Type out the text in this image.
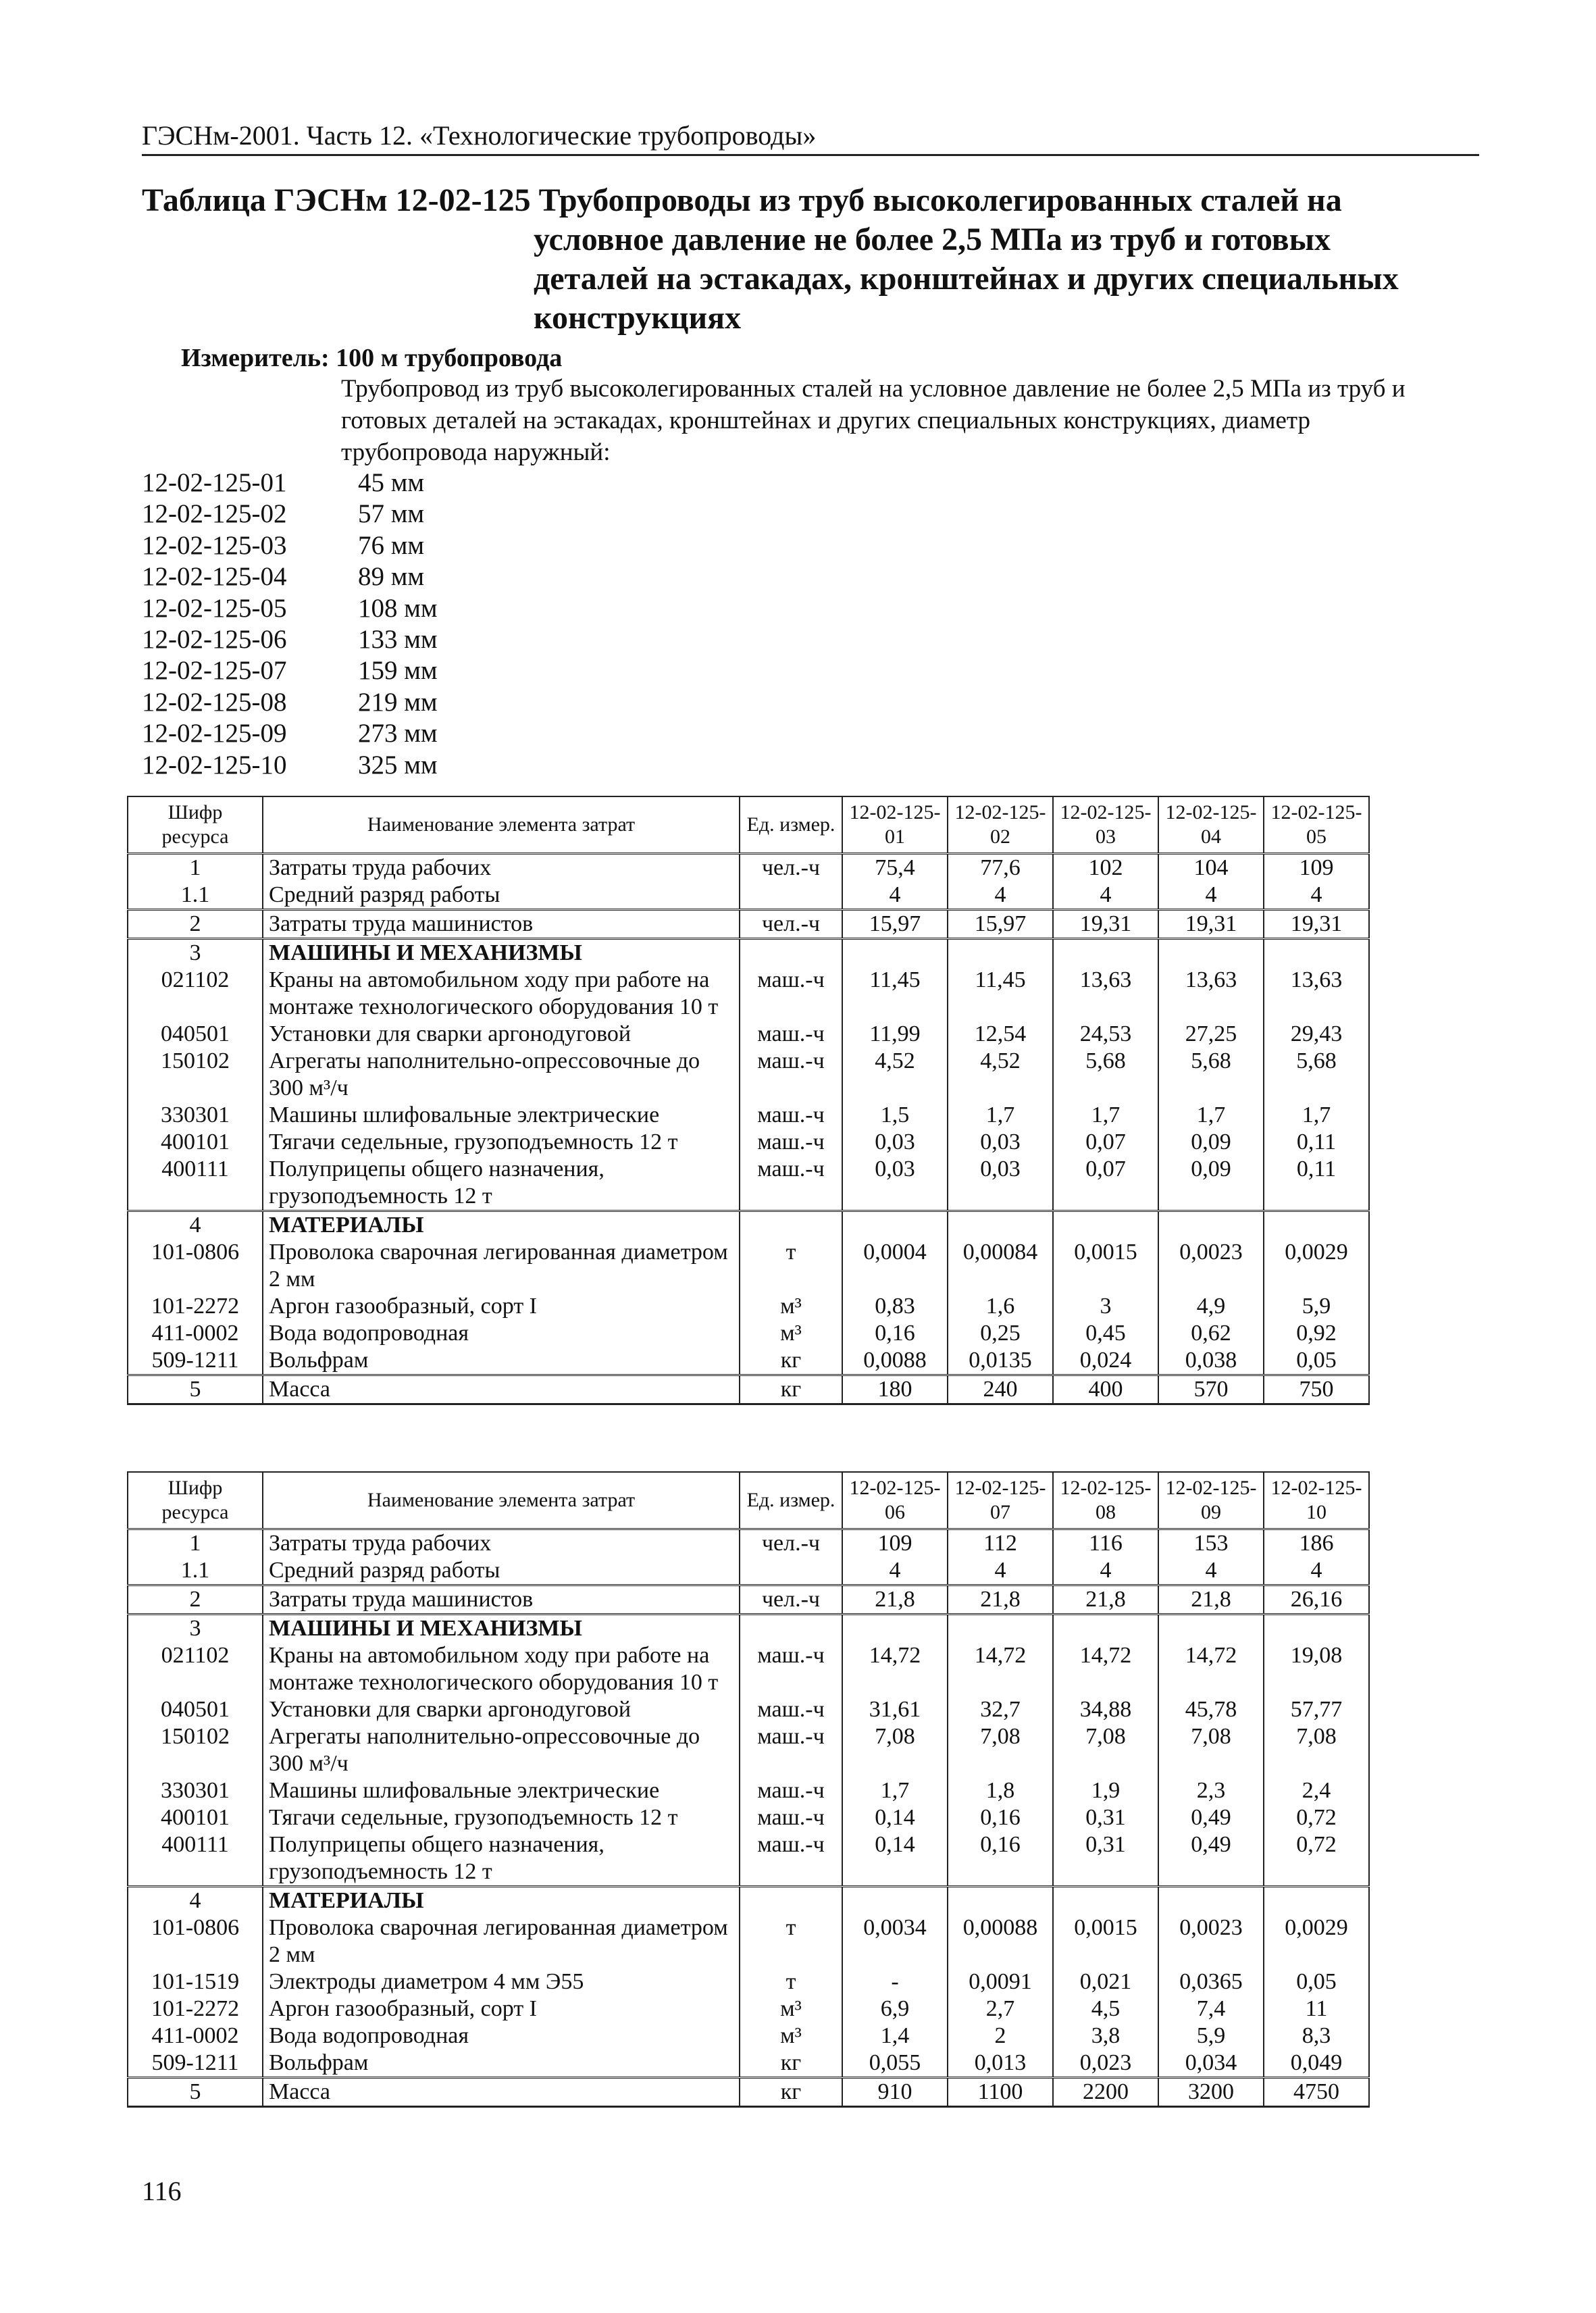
ГЭСНм-2001. Часть 12. «Технологические трубопроводы»
Таблица ГЭСНм 12-02-125 Трубопроводы из труб высоколегированных сталей на
условное давление не более 2,5 МПа из труб и готовых
деталей на эстакадах, кронштейнах и других специальных
конструкциях
Измеритель: 100 м трубопровода
Трубопровод из труб высоколегированных сталей на условное давление не более 2,5 МПа из труб и готовых деталей на эстакадах, кронштейнах и других специальных конструкциях, диаметр трубопровода наружный:
12-02-125-01	45 мм
12-02-125-02	57 мм
12-02-125-03	76 мм
12-02-125-04	89 мм
12-02-125-05	108 мм
12-02-125-06	133 мм
12-02-125-07	159 мм
12-02-125-08	219 мм
12-02-125-09	273 мм
12-02-125-10	325 мм
Шифр ресурса	Наименование элемента затрат	Ед. измер.	12-02-125-01	12-02-125-02	12-02-125-03	12-02-125-04	12-02-125-05
1	Затраты труда рабочих	чел.-ч	75,4	77,6	102	104	109
1.1	Средний разряд работы		4	4	4	4	4
2	Затраты труда машинистов	чел.-ч	15,97	15,97	19,31	19,31	19,31
3	МАШИНЫ И МЕХАНИЗМЫ						
021102	Краны на автомобильном ходу при работе на монтаже технологического оборудования 10 т	маш.-ч	11,45	11,45	13,63	13,63	13,63
040501	Установки для сварки аргонодуговой	маш.-ч	11,99	12,54	24,53	27,25	29,43
150102	Агрегаты наполнительно-опрессовочные до 300 м³/ч	маш.-ч	4,52	4,52	5,68	5,68	5,68
330301	Машины шлифовальные электрические	маш.-ч	1,5	1,7	1,7	1,7	1,7
400101	Тягачи седельные, грузоподъемность 12 т	маш.-ч	0,03	0,03	0,07	0,09	0,11
400111	Полуприцепы общего назначения, грузоподъемность 12 т	маш.-ч	0,03	0,03	0,07	0,09	0,11
4	МАТЕРИАЛЫ						
101-0806	Проволока сварочная легированная диаметром 2 мм	т	0,0004	0,00084	0,0015	0,0023	0,0029
101-2272	Аргон газообразный, сорт I	м³	0,83	1,6	3	4,9	5,9
411-0002	Вода водопроводная	м³	0,16	0,25	0,45	0,62	0,92
509-1211	Вольфрам	кг	0,0088	0,0135	0,024	0,038	0,05
5	Масса	кг	180	240	400	570	750
Шифр ресурса	Наименование элемента затрат	Ед. измер.	12-02-125-06	12-02-125-07	12-02-125-08	12-02-125-09	12-02-125-10
1	Затраты труда рабочих	чел.-ч	109	112	116	153	186
1.1	Средний разряд работы		4	4	4	4	4
2	Затраты труда машинистов	чел.-ч	21,8	21,8	21,8	21,8	26,16
3	МАШИНЫ И МЕХАНИЗМЫ						
021102	Краны на автомобильном ходу при работе на монтаже технологического оборудования 10 т	маш.-ч	14,72	14,72	14,72	14,72	19,08
040501	Установки для сварки аргонодуговой	маш.-ч	31,61	32,7	34,88	45,78	57,77
150102	Агрегаты наполнительно-опрессовочные до 300 м³/ч	маш.-ч	7,08	7,08	7,08	7,08	7,08
330301	Машины шлифовальные электрические	маш.-ч	1,7	1,8	1,9	2,3	2,4
400101	Тягачи седельные, грузоподъемность 12 т	маш.-ч	0,14	0,16	0,31	0,49	0,72
400111	Полуприцепы общего назначения, грузоподъемность 12 т	маш.-ч	0,14	0,16	0,31	0,49	0,72
4	МАТЕРИАЛЫ						
101-0806	Проволока сварочная легированная диаметром 2 мм	т	0,0034	0,00088	0,0015	0,0023	0,0029
101-1519	Электроды диаметром 4 мм Э55	т	-	0,0091	0,021	0,0365	0,05
101-2272	Аргон газообразный, сорт I	м³	6,9	2,7	4,5	7,4	11
411-0002	Вода водопроводная	м³	1,4	2	3,8	5,9	8,3
509-1211	Вольфрам	кг	0,055	0,013	0,023	0,034	0,049
5	Масса	кг	910	1100	2200	3200	4750
116
